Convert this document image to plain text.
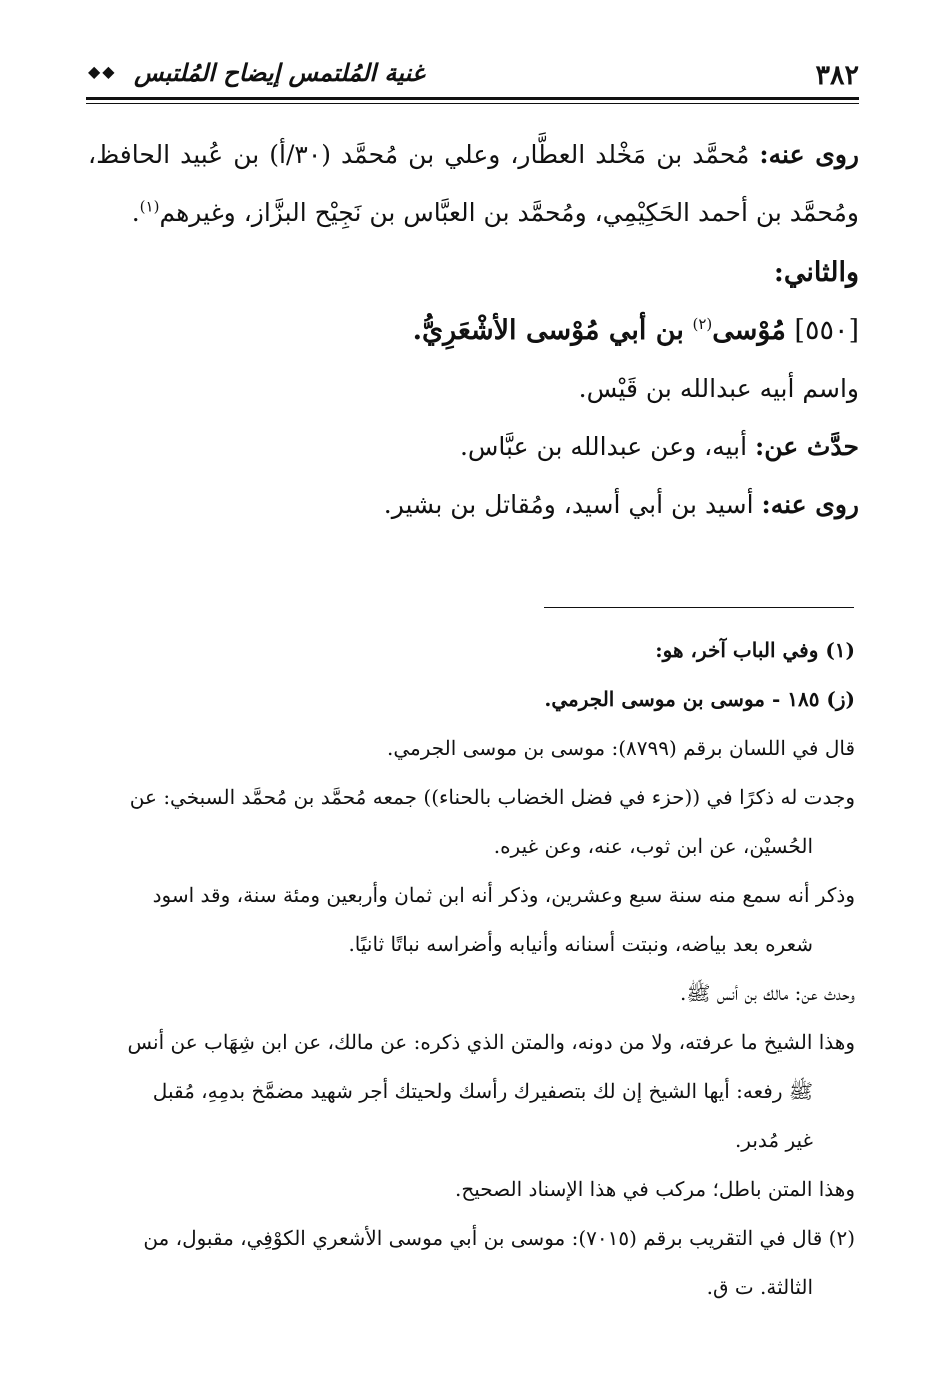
٣٨٢
غنية المُلتمس إيضاح المُلتبس
◆◆

روى عنه: مُحمَّد بن مَخْلد العطَّار، وعلي بن مُحمَّد (٣٠/أ) بن عُبيد الحافظ، ومُحمَّد بن أحمد الحَكِيْمِي، ومُحمَّد بن العبَّاس بن نَجِيْح البزَّاز، وغيرهم$^{(١)}$.

والثاني:

[٥٥٠] مُوْسى$^{(٢)}$ بن أبي مُوْسى الأشْعَرِيُّ.

واسم أبيه عبدالله بن قَيْس.

حدَّث عن: أبيه، وعن عبدالله بن عبَّاس.

روى عنه: أسيد بن أبي أسيد، ومُقاتل بن بشير.

(١) وفي الباب آخر، هو:

(ز) ١٨٥ - موسى بن موسى الجرمي.

قال في اللسان برقم (٨٧٩٩): موسى بن موسى الجرمي.

وجدت له ذكرًا في ((حزء في فضل الخضاب بالحناء)) جمعه مُحمَّد بن مُحمَّد السبخي: عن

الحُسيْن، عن ابن ثوب، عنه، وعن غيره.

وذكر أنه سمع منه سنة سبع وعشرين، وذكر أنه ابن ثمان وأربعين ومئة سنة، وقد اسود

شعره بعد بياضه، ونبتت أسنانه وأنيابه وأضراسه نباتًا ثانيًا.

وحدث عن: مالك بن أنس ﷺ.

وهذا الشيخ ما عرفته، ولا من دونه، والمتن الذي ذكره: عن مالك، عن ابن شِهَاب عن أنس

ﷺ رفعه: أيها الشيخ إن لك بتصفيرك رأسك ولحيتك أجر شهيد مضمَّخ بدمِهِ، مُقبل

غير مُدبر.

وهذا المتن باطل؛ مركب في هذا الإسناد الصحيح.

(٢) قال في التقريب برقم (٧٠١٥): موسى بن أبي موسى الأشعري الكوْفِي، مقبول، من

الثالثة. ت ق.
